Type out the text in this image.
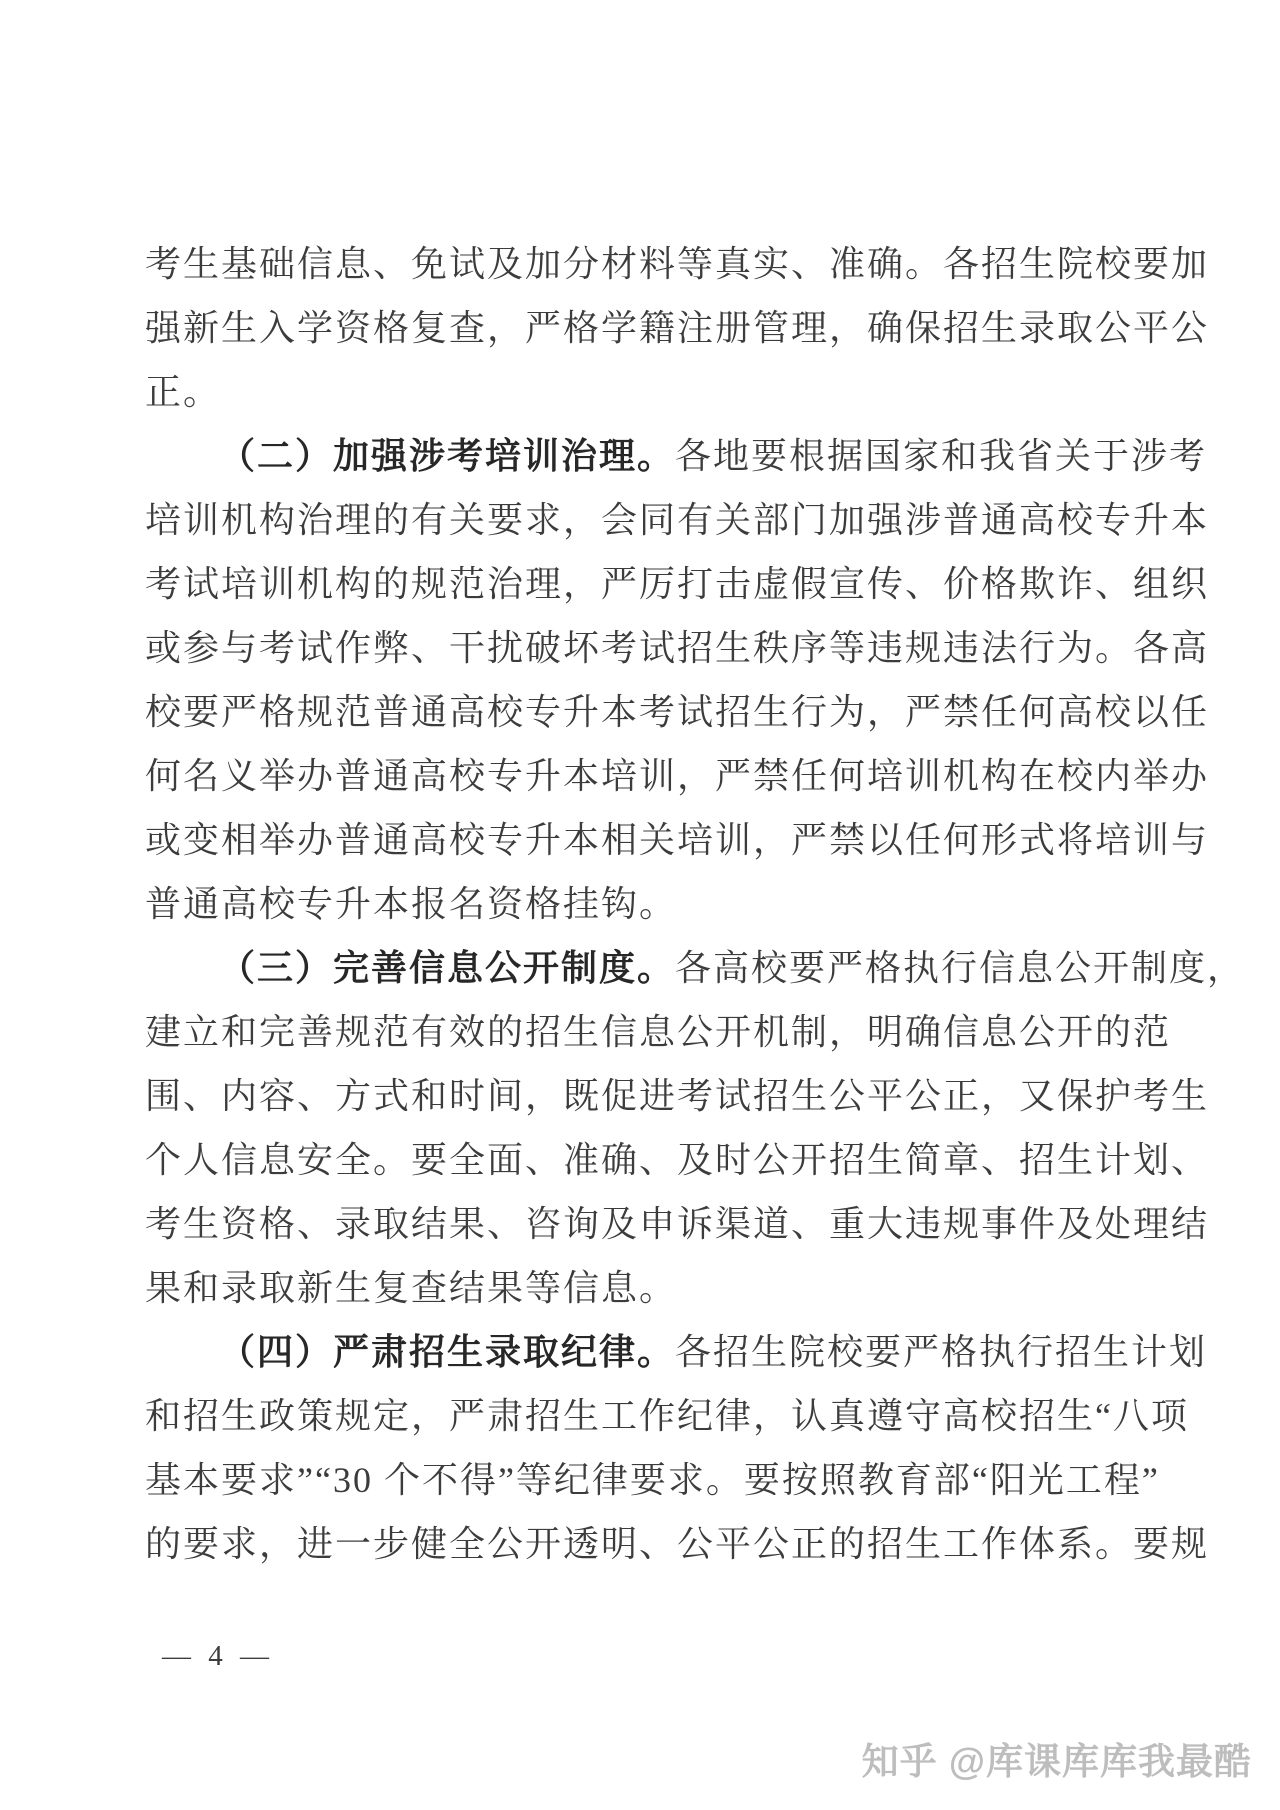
考生基础信息、免试及加分材料等真实、准确。各招生院校要加
强新生入学资格复查，严格学籍注册管理，确保招生录取公平公
正。
（二）加强涉考培训治理。各地要根据国家和我省关于涉考
培训机构治理的有关要求，会同有关部门加强涉普通高校专升本
考试培训机构的规范治理，严厉打击虚假宣传、价格欺诈、组织
或参与考试作弊、干扰破坏考试招生秩序等违规违法行为。各高
校要严格规范普通高校专升本考试招生行为，严禁任何高校以任
何名义举办普通高校专升本培训，严禁任何培训机构在校内举办
或变相举办普通高校专升本相关培训，严禁以任何形式将培训与
普通高校专升本报名资格挂钩。
（三）完善信息公开制度。各高校要严格执行信息公开制度，
建立和完善规范有效的招生信息公开机制，明确信息公开的范
围、内容、方式和时间，既促进考试招生公平公正，又保护考生
个人信息安全。要全面、准确、及时公开招生简章、招生计划、
考生资格、录取结果、咨询及申诉渠道、重大违规事件及处理结
果和录取新生复查结果等信息。
（四）严肃招生录取纪律。各招生院校要严格执行招生计划
和招生政策规定，严肃招生工作纪律，认真遵守高校招生“八项
基本要求”“30 个不得”等纪律要求。要按照教育部“阳光工程”
的要求，进一步健全公开透明、公平公正的招生工作体系。要规
— 4 —
知乎 @库课库库我最酷
